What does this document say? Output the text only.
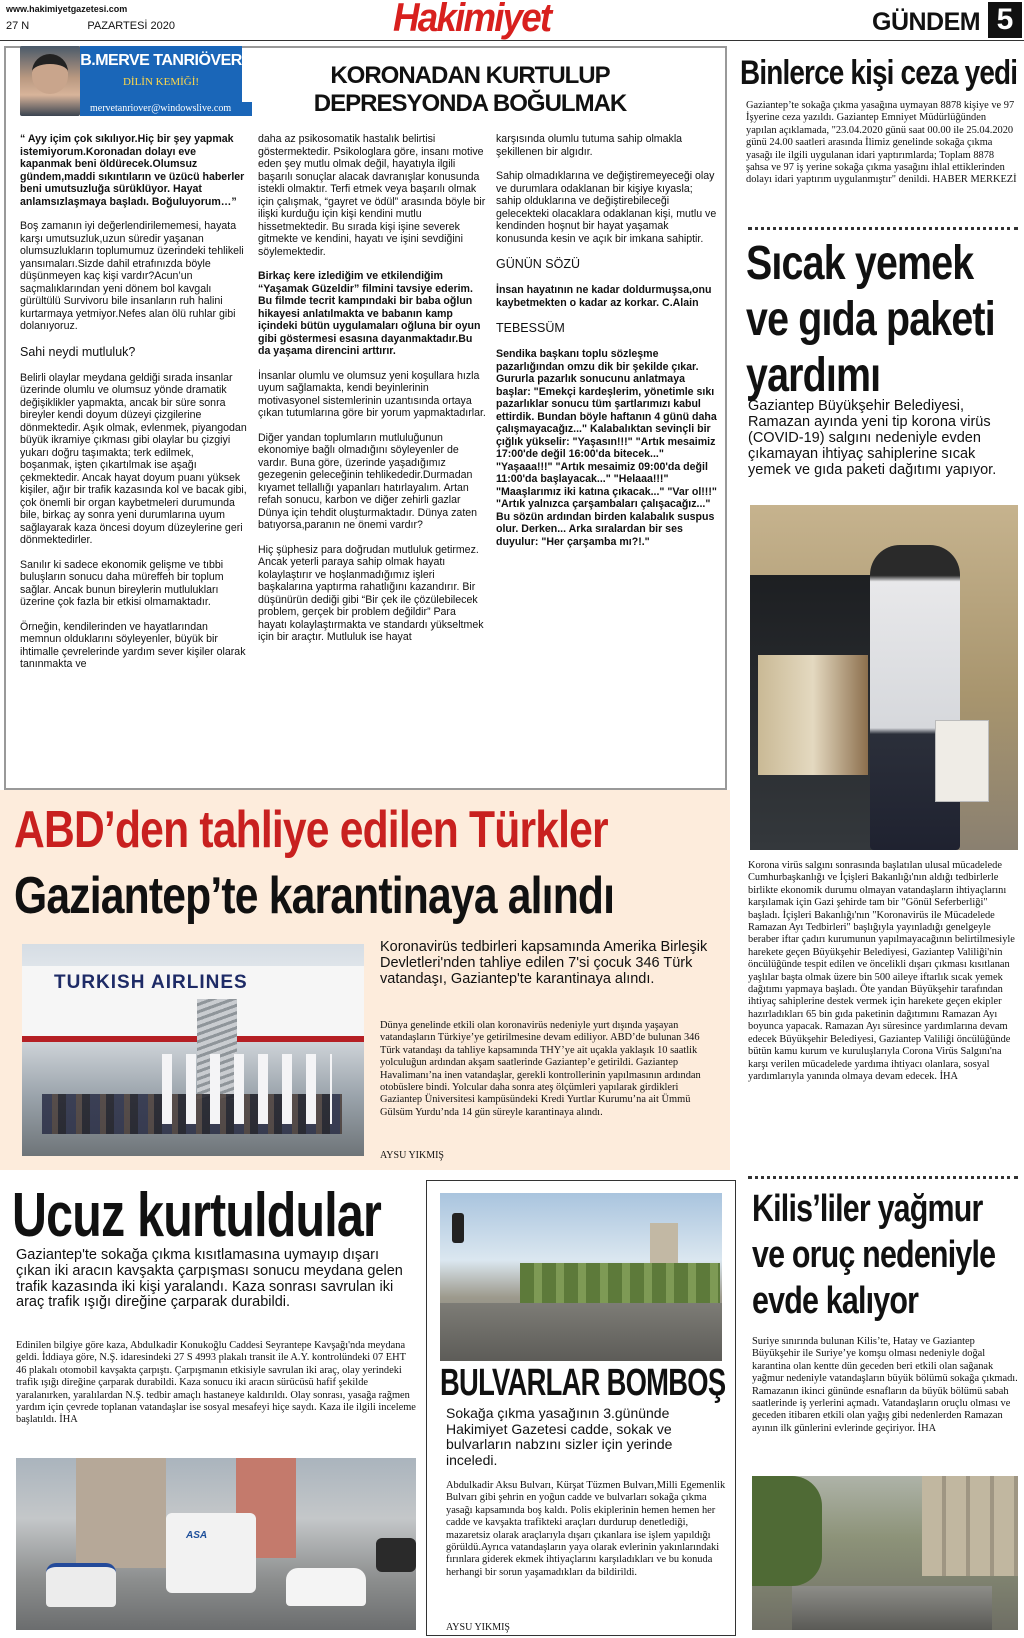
www.hakimiyetgazetesi.com
27 N	PAZARTESİ 2020	Hakimiyet	GÜNDEM 5
B.MERVE TANRIÖVER
DİLİN KEMİĞİ!
mervetanriover@windowslive.com
KORONADAN KURTULUP
DEPRESYONDA BOĞULMAK

“ Ayy içim çok sıkılıyor.Hiç bir şey yapmak istemiyorum.Koronadan dolayı eve kapanmak beni öldürecek.Olumsuz gündem,maddi sıkıntıların ve üzücü haberler beni umutsuzluğa sürüklüyor. Hayat anlamsızlaşmaya başladı. Boğuluyorum…”

Boş zamanın iyi değerlendirilememesi, hayata karşı umutsuzluk,uzun süredir yaşanan olumsuzlukların toplumumuz üzerindeki tehlikeli yansımaları.Sizde dahil etrafınızda böyle düşünmeyen kaç kişi vardır?Acun’un saçmalıklarından yeni dönem bol kavgalı gürültülü Survivoru bile insanların ruh halini kurtarmaya yetmiyor.Nefes alan ölü ruhlar gibi dolanıyoruz.

Sahi neydi mutluluk?

Belirli olaylar meydana geldiği sırada insanlar üzerinde olumlu ve olumsuz yönde dramatik değişiklikler yapmakta, ancak bir süre sonra bireyler kendi doyum düzeyi çizgilerine dönmektedir. Aşık olmak, evlenmek, piyangodan büyük ikramiye çıkması gibi olaylar bu çizgiyi yukarı doğru taşımakta; terk edilmek, boşanmak, işten çıkartılmak ise aşağı çekmektedir. Ancak hayat doyum puanı yüksek kişiler, ağır bir trafik kazasında kol ve bacak gibi, çok önemli bir organ kaybetmeleri durumunda bile, birkaç ay sonra yeni durumlarına uyum sağlayarak kaza öncesi doyum düzeylerine geri dönmektedirler.

Sanılır ki sadece ekonomik gelişme ve tıbbi buluşların sonucu daha müreffeh bir toplum sağlar. Ancak bunun bireylerin mutlulukları üzerine çok fazla bir etkisi olmamaktadır.

Örneğin, kendilerinden ve hayatlarından memnun olduklarını söyleyenler, büyük bir ihtimalle çevrelerinde yardım sever kişiler olarak tanınmakta ve

daha az psikosomatik hastalık belirtisi göstermektedir. Psikologlara göre, insanı motive eden şey mutlu olmak değil, hayatıyla ilgili başarılı sonuçlar alacak davranışlar konusunda istekli olmaktır. Terfi etmek veya başarılı olmak için çalışmak, “gayret ve ödül” arasında böyle bir ilişki kurduğu için kişi kendini mutlu hissetmektedir. Bu sırada kişi işine severek gitmekte ve kendini, hayatı ve işini sevdiğini söylemektedir.

Birkaç kere izlediğim ve etkilendiğim “Yaşamak Güzeldir” filmini tavsiye ederim. Bu filmde tecrit kampındaki bir baba oğlun hikayesi anlatılmakta ve babanın kamp içindeki bütün uygulamaları oğluna bir oyun gibi göstermesi esasına dayanmaktadır.Bu da yaşama direncini arttırır.

İnsanlar olumlu ve olumsuz yeni koşullara hızla uyum sağlamakta, kendi beyinlerinin motivasyonel sistemlerinin uzantısında ortaya çıkan tutumlarına göre bir yorum yapmaktadırlar.

Diğer yandan toplumların mutluluğunun ekonomiye bağlı olmadığını söyleyenler de vardır. Buna göre, üzerinde yaşadığımız gezegenin geleceğinin tehlikededir.Durmadan kıyamet tellallığı yapanları hatırlayalım. Artan refah sonucu, karbon ve diğer zehirli gazlar Dünya için tehdit oluşturmaktadır. Dünya zaten batıyorsa,paranın ne önemi vardır?

Hiç şüphesiz para doğrudan mutluluk getirmez. Ancak yeterli paraya sahip olmak hayatı kolaylaştırır ve hoşlanmadığımız işleri başkalarına yaptırma rahatlığını kazandırır. Bir düşünürün dediği gibi “Bir çek ile çözülebilecek problem, gerçek bir problem değildir” Para hayatı kolaylaştırmakta ve standardı yükseltmek için bir araçtır. Mutluluk ise hayat

karşısında olumlu tutuma sahip olmakla şekillenen bir algıdır.

Sahip olmadıklarına ve değiştiremeyeceği olay ve durumlara odaklanan bir kişiye kıyasla; sahip olduklarına ve değiştirebileceği gelecekteki olacaklara odaklanan kişi, mutlu ve kendinden hoşnut bir hayat yaşamak konusunda kesin ve açık bir imkana sahiptir.

GÜNÜN SÖZÜ

İnsan hayatının ne kadar doldurmuşsa,onu kaybetmekten o kadar az korkar. C.Alain

TEBESSÜM

Sendika başkanı toplu sözleşme pazarlığından omzu dik bir şekilde çıkar. Gururla pazarlık sonucunu anlatmaya başlar: "Emekçi kardeşlerim, yönetimle sıkı pazarlıklar sonucu tüm şartlarımızı kabul ettirdik. Bundan böyle haftanın 4 günü daha çalışmayacağız..." Kalabalıktan sevinçli bir çığlık yükselir: "Yaşasın!!!" "Artık mesaimiz 17:00'de değil 16:00'da bitecek..." "Yaşaaa!!!" "Artık mesaimiz 09:00'da değil 11:00'da başlayacak..." "Helaaa!!!" "Maaşlarımız iki katına çıkacak..." "Var ol!!!" "Artık yalnızca çarşambaları çalışacağız..." Bu sözün ardından birden kalabalık suspus olur. Derken... Arka sıralardan bir ses duyulur: "Her çarşamba mı?!."

Binlerce kişi ceza yedi
Gaziantep’te sokağa çıkma yasağına uymayan 8878 kişiye ve 97 İşyerine ceza yazıldı. Gaziantep Emniyet Müdürlüğünden yapılan açıklamada, "23.04.2020 günü saat 00.00 ile 25.04.2020 günü 24.00 saatleri arasında İlimiz genelinde sokağa çıkma yasağı ile ilgili uygulanan idari yaptırımlarda; Toplam 8878 şahsa ve 97 iş yerine sokağa çıkma yasağını ihlal ettiklerinden dolayı idari yaptırım uygulanmıştır" denildi. HABER MERKEZİ
Sıcak yemek
ve gıda paketi
yardımı
Gaziantep Büyükşehir Belediyesi, Ramazan ayında yeni tip korona virüs (COVID-19) salgını nedeniyle evden çıkamayan ihtiyaç sahiplerine sıcak yemek ve gıda paketi dağıtımı yapıyor.
Korona virüs salgını sonrasında başlatılan ulusal mücadelede Cumhurbaşkanlığı ve İçişleri Bakanlığı'nın aldığı tedbirlerle birlikte ekonomik durumu olmayan vatandaşların ihtiyaçlarını karşılamak için Gazi şehirde tam bir "Gönül Seferberliği" başladı. İçişleri Bakanlığı'nın "Koronavirüs ile Mücadelede Ramazan Ayı Tedbirleri" başlığıyla yayınladığı genelgeyle beraber iftar çadırı kurumunun yapılmayacağının belirtilmesiyle harekete geçen Büyükşehir Belediyesi, Gaziantep Valiliği'nin öncülüğünde tespit edilen ve öncelikli dışarı çıkması kısıtlanan yaşlılar başta olmak üzere bin 500 aileye iftarlık sıcak yemek dağıtımı yapmaya başladı. Öte yandan Büyükşehir tarafından ihtiyaç sahiplerine destek vermek için harekete geçen ekipler hazırladıkları 65 bin gıda paketinin dağıtımını Ramazan Ayı boyunca yapacak. Ramazan Ayı süresince yardımlarına devam edecek Büyükşehir Belediyesi, Gaziantep Valiliği öncülüğünde bütün kamu kurum ve kuruluşlarıyla Corona Virüs Salgını'na karşı verilen mücadelede yardıma ihtiyacı olanlara, sosyal yardımlarıyla yanında olmaya devam edecek. İHA
ABD’den tahliye edilen Türkler
Gaziantep’te karantinaya alındı
TURKISH AIRLINES
Koronavirüs tedbirleri kapsamında Amerika Birleşik Devletleri'nden tahliye edilen 7'si çocuk 346 Türk vatandaşı, Gaziantep'te karantinaya alındı.
Dünya genelinde etkili olan koronavirüs nedeniyle yurt dışında yaşayan vatandaşların Türkiye’ye getirilmesine devam ediliyor. ABD’de bulunan 346 Türk vatandaşı da tahliye kapsamında THY’ye ait uçakla yaklaşık 10 saatlik yolculuğun ardından akşam saatlerinde Gaziantep’e getirildi. Gaziantep Havalimanı’na inen vatandaşlar, gerekli kontrollerinin yapılmasının ardından otobüslere bindi. Yolcular daha sonra ateş ölçümleri yapılarak girdikleri Gaziantep Üniversitesi kampüsündeki Kredi Yurtlar Kurumu’na ait Ümmü Gülsüm Yurdu’nda 14 gün süreyle karantinaya alındı.
AYSU YIKMIŞ
Ucuz kurtuldular
Gaziantep'te sokağa çıkma kısıtlamasına uymayıp dışarı çıkan iki aracın kavşakta çarpışması sonucu meydana gelen trafik kazasında iki kişi yaralandı. Kaza sonrası savrulan iki araç trafik ışığı direğine çarparak durabildi.
Edinilen bilgiye göre kaza, Abdulkadir Konukoğlu Caddesi Seyrantepe Kavşağı'nda meydana geldi. İddiaya göre, N.Ş. idaresindeki 27 S 4993 plakalı transit ile A.Y. kontrolündeki 07 EHT 46 plakalı otomobil kavşakta çarpıştı. Çarpışmanın etkisiyle savrulan iki araç, olay yerindeki trafik ışığı direğine çarparak durabildi. Kaza sonucu iki aracın sürücüsü hafif şekilde yaralanırken, yaralılardan N.Ş. tedbir amaçlı hastaneye kaldırıldı. Olay sonrası, yasağa rağmen yardım için çevrede toplanan vatandaşlar ise sosyal mesafeyi hiçe saydı. Kaza ile ilgili inceleme başlatıldı. İHA
ASA
BULVARLAR BOMBOŞ
Sokağa çıkma yasağının 3.gününde Hakimiyet Gazetesi cadde, sokak ve bulvarların nabzını sizler için yerinde inceledi.
Abdulkadir Aksu Bulvarı, Kürşat Tüzmen Bulvarı,Milli Egemenlik Bulvarı gibi şehrin en yoğun cadde ve bulvarları sokağa çıkma yasağı kapsamında boş kaldı. Polis ekiplerinin hemen hemen her cadde ve kavşakta trafikteki araçları durdurup denetlediği, mazaretsiz olarak araçlarıyla dışarı çıkanlara ise işlem yapıldığı görüldü.Ayrıca vatandaşların yaya olarak evlerinin yakınlarındaki fırınlara giderek ekmek ihtiyaçlarını karşıladıkları ve bu konuda herhangi bir sorun yaşamadıkları da bildirildi.
AYSU YIKMIŞ
Kilis’liler yağmur
ve oruç nedeniyle
evde kalıyor
Suriye sınırında bulunan Kilis’te, Hatay ve Gaziantep Büyükşehir ile Suriye’ye komşu olması nedeniyle doğal karantina olan kentte dün geceden beri etkili olan sağanak yağmur nedeniyle vatandaşların büyük bölümü sokağa çıkmadı. Ramazanın ikinci gününde esnafların da büyük bölümü sabah saatlerinde iş yerlerini açmadı. Vatandaşların oruçlu olması ve geceden itibaren etkili olan yağış gibi nedenlerden Ramazan ayının ilk günlerini evlerinde geçiriyor. İHA
